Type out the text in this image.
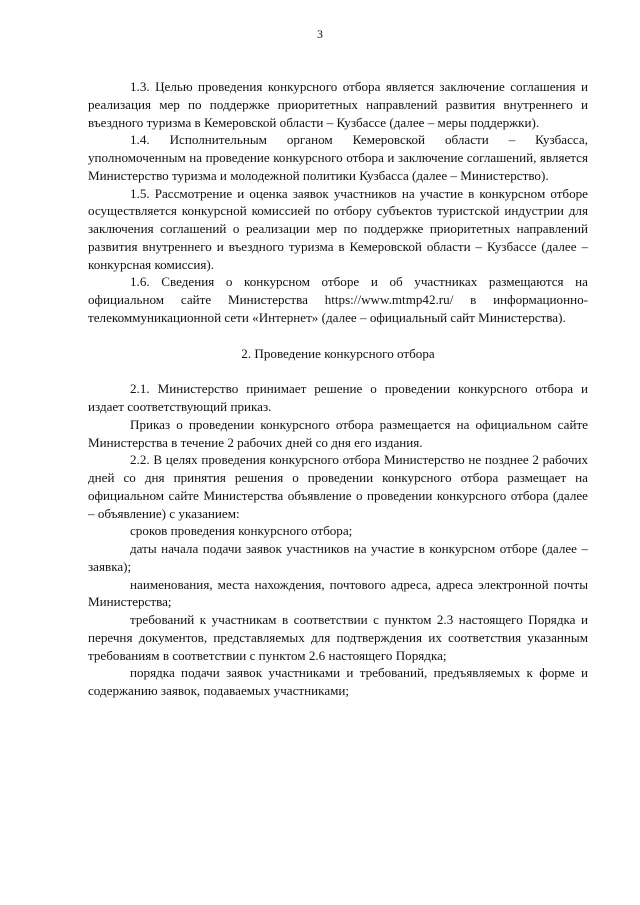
3

1.3. Целью проведения конкурсного отбора является заключение соглашения и реализация мер по поддержке приоритетных направлений развития внутреннего и въездного туризма в Кемеровской области – Кузбассе (далее – меры поддержки).

1.4. Исполнительным органом Кемеровской области – Кузбасса, уполномоченным на проведение конкурсного отбора и заключение соглашений, является Министерство туризма и молодежной политики Кузбасса (далее – Министерство).

1.5. Рассмотрение и оценка заявок участников на участие в конкурсном отборе осуществляется конкурсной комиссией по отбору субъектов туристской индустрии для заключения соглашений о реализации мер по поддержке приоритетных направлений развития внутреннего и въездного туризма в Кемеровской области – Кузбассе (далее – конкурсная комиссия).

1.6. Сведения о конкурсном отборе и об участниках размещаются на официальном сайте Министерства https://www.mtmp42.ru/ в информационно-телекоммуникационной сети «Интернет» (далее – официальный сайт Министерства).

2. Проведение конкурсного отбора

2.1. Министерство принимает решение о проведении конкурсного отбора и издает соответствующий приказ.

Приказ о проведении конкурсного отбора размещается на официальном сайте Министерства в течение 2 рабочих дней со дня его издания.

2.2. В целях проведения конкурсного отбора Министерство не позднее 2 рабочих дней со дня принятия решения о проведении конкурсного отбора размещает на официальном сайте Министерства объявление о проведении конкурсного отбора (далее – объявление) с указанием:

сроков проведения конкурсного отбора;
даты начала подачи заявок участников на участие в конкурсном отборе (далее – заявка);
наименования, места нахождения, почтового адреса, адреса электронной почты Министерства;
требований к участникам в соответствии с пунктом 2.3 настоящего Порядка и перечня документов, представляемых для подтверждения их соответствия указанным требованиям в соответствии с пунктом 2.6 настоящего Порядка;
порядка подачи заявок участниками и требований, предъявляемых к форме и содержанию заявок, подаваемых участниками;
